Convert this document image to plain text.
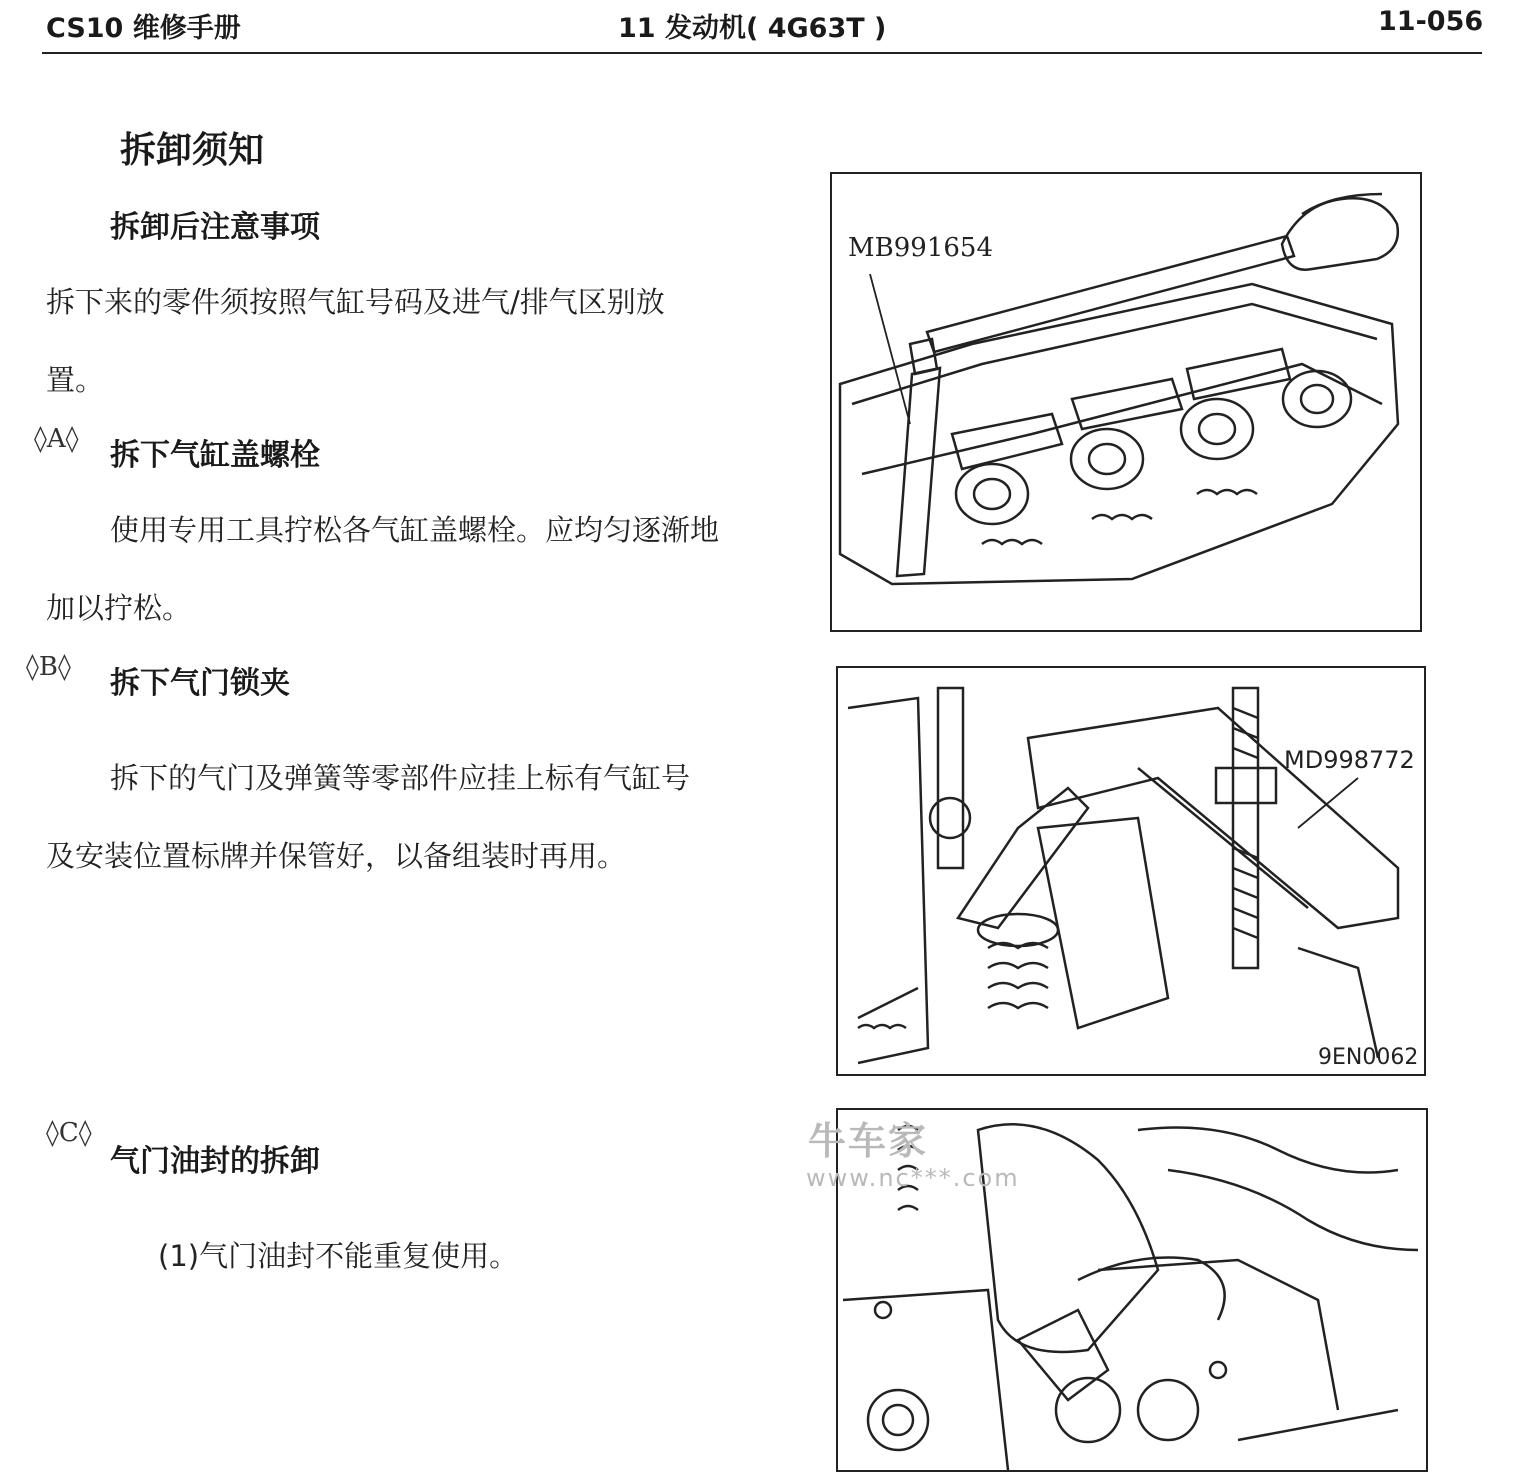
CS10 维修手册	11 发动机( 4G63T )	11-056
拆卸须知
拆卸后注意事项
拆下来的零件须按照气缸号码及进气/排气区别放
置。
◊A◊ 拆下气缸盖螺栓
使用专用工具拧松各气缸盖螺栓。应均匀逐渐地
加以拧松。
◊B◊ 拆下气门锁夹
拆下的气门及弹簧等零部件应挂上标有气缸号
及安装位置标牌并保管好，以备组装时再用。
◊C◊
气门油封的拆卸
(1)气门油封不能重复使用。
MB991654
MD998772
9EN0062
牛车家
www.nc***.com
